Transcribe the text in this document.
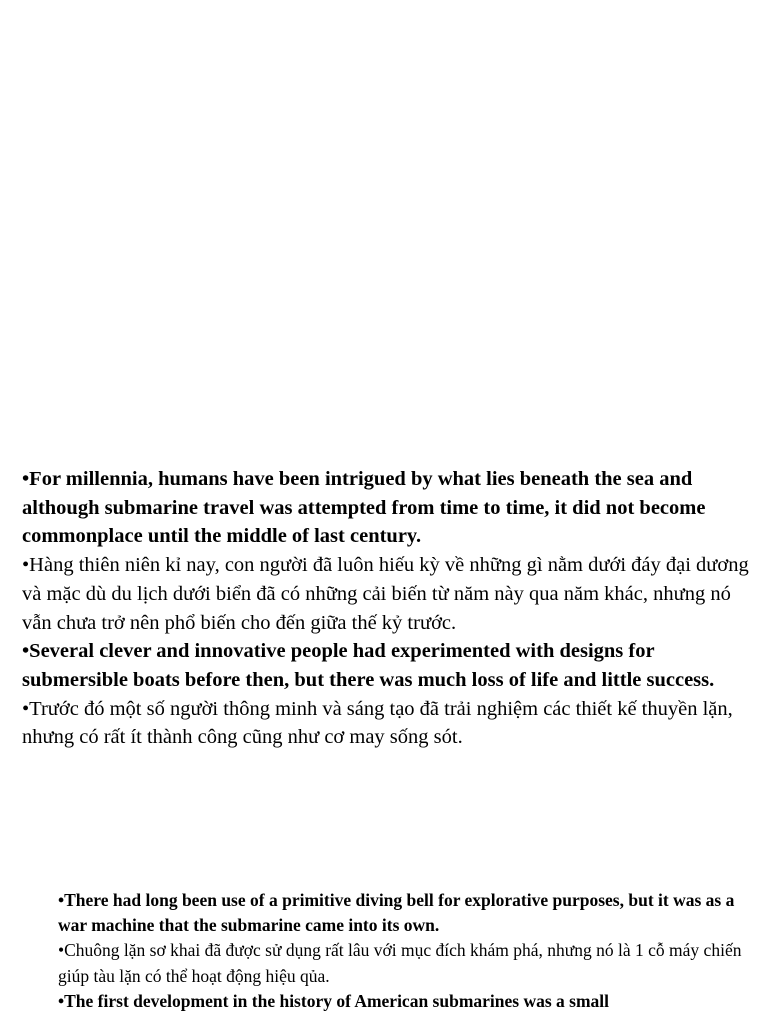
•For millennia, humans have been intrigued by what lies beneath the sea and although submarine travel was attempted from time to time, it did not become commonplace until the middle of last century.

•Hàng thiên niên kỉ nay, con người đã luôn hiếu kỳ về những gì nằm dưới đáy đại dương và mặc dù du lịch dưới biển đã có những cải biến từ năm này qua năm khác, nhưng nó vẫn chưa trở nên phổ biến cho đến giữa thế kỷ trước.

•Several clever and innovative people had experimented with designs for submersible boats before then, but there was much loss of life and little success.

•Trước đó một số người thông minh và sáng tạo đã trải nghiệm các thiết kế thuyền lặn, nhưng có rất ít thành công cũng như cơ may sống sót.

•There had long been use of a primitive diving bell for explorative purposes, but it was as a war machine that the submarine came into its own.

•Chuông lặn sơ khai đã được sử dụng rất lâu với mục đích khám phá, nhưng nó là 1 cỗ máy chiến giúp tàu lặn có thể hoạt động hiệu qủa.

•The first development in the history of American submarines was a small
